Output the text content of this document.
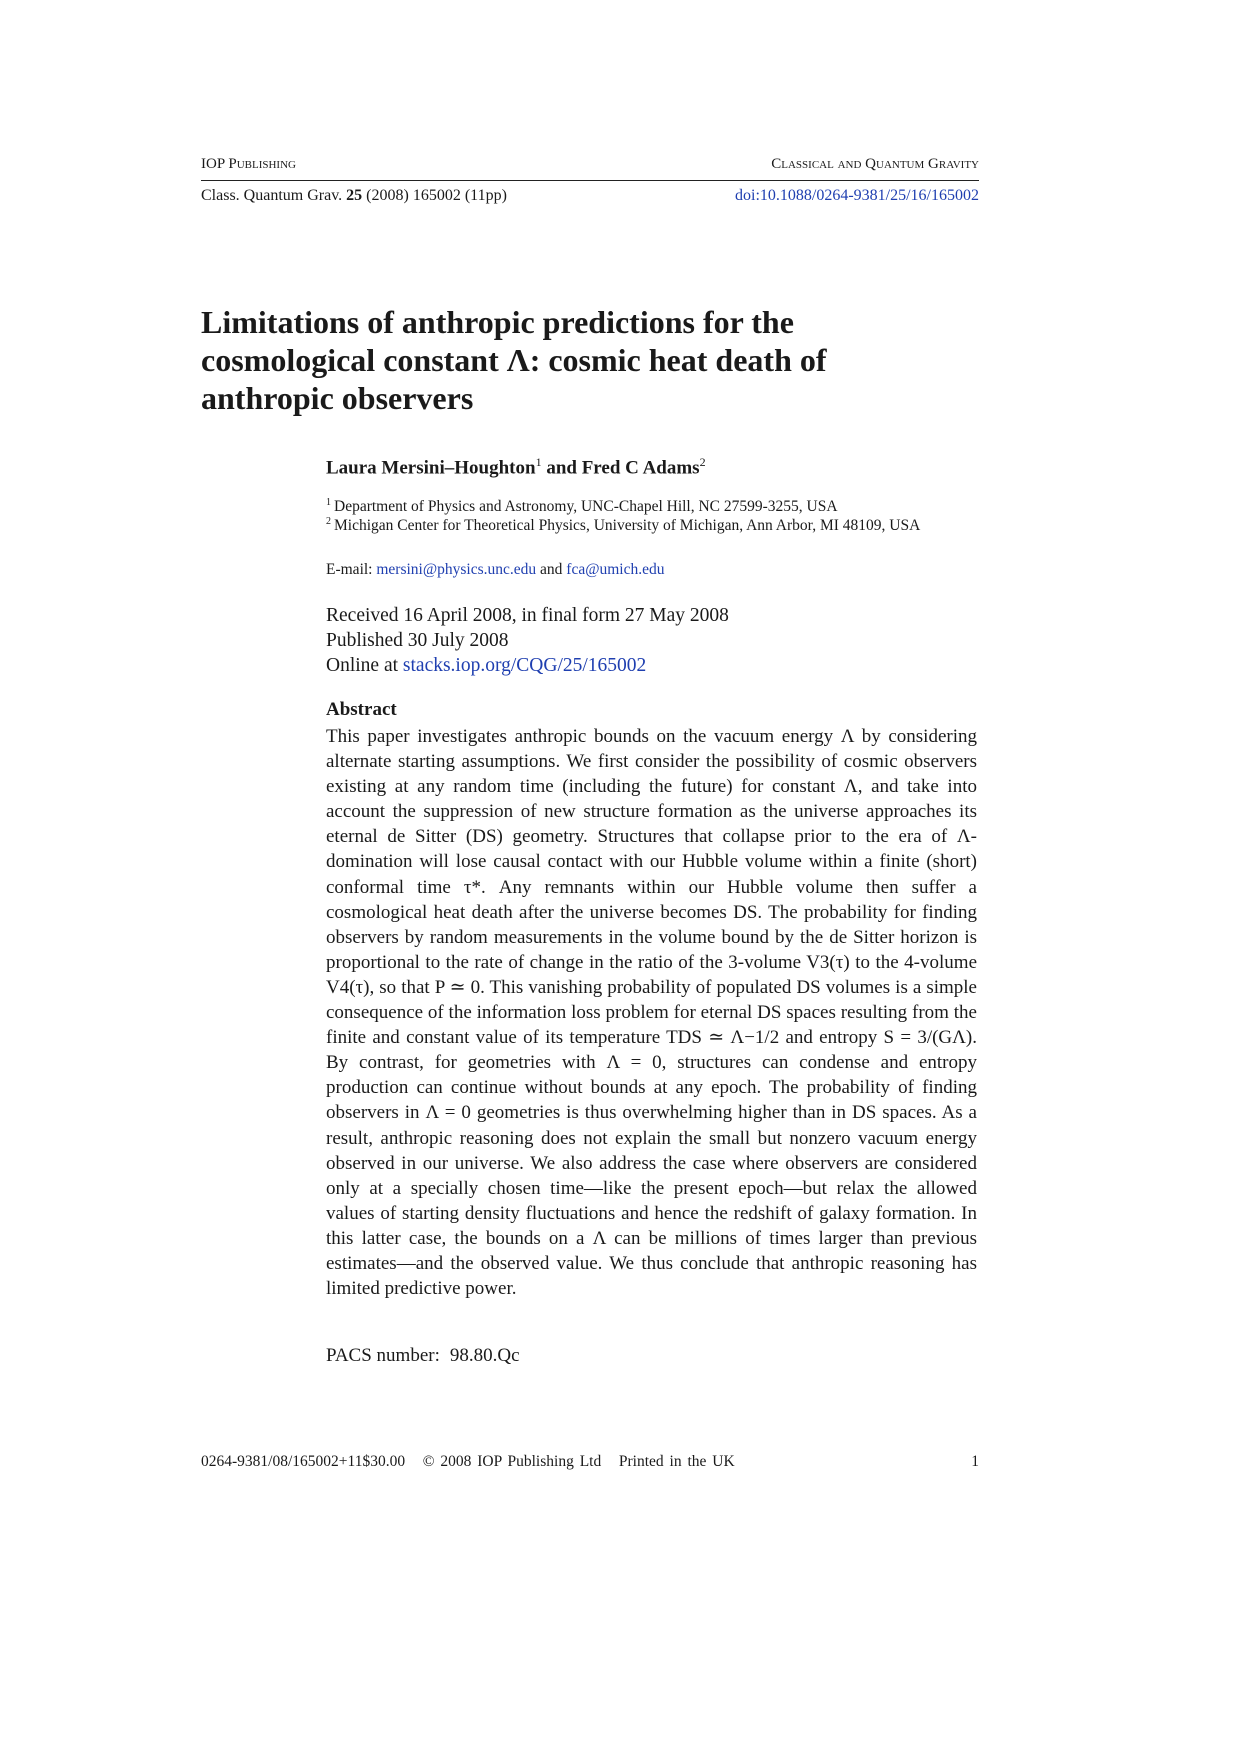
IOP Publishing	Classical and Quantum Gravity
Class. Quantum Grav. 25 (2008) 165002 (11pp)	doi:10.1088/0264-9381/25/16/165002
Limitations of anthropic predictions for the cosmological constant Λ: cosmic heat death of anthropic observers
Laura Mersini–Houghton$^1$ and Fred C Adams$^2$
$^1$ Department of Physics and Astronomy, UNC-Chapel Hill, NC 27599-3255, USA
$^2$ Michigan Center for Theoretical Physics, University of Michigan, Ann Arbor, MI 48109, USA
E-mail: mersini@physics.unc.edu and fca@umich.edu
Received 16 April 2008, in final form 27 May 2008
Published 30 July 2008
Online at stacks.iop.org/CQG/25/165002
Abstract

This paper investigates anthropic bounds on the vacuum energy Λ by considering alternate starting assumptions. We first consider the possibility of cosmic observers existing at any random time (including the future) for constant Λ, and take into account the suppression of new structure formation as the universe approaches its eternal de Sitter (DS) geometry. Structures that collapse prior to the era of Λ-domination will lose causal contact with our Hubble volume within a finite (short) conformal time τ*. Any remnants within our Hubble volume then suffer a cosmological heat death after the universe becomes DS. The probability for finding observers by random measurements in the volume bound by the de Sitter horizon is proportional to the rate of change in the ratio of the 3-volume V3(τ) to the 4-volume V4(τ), so that P ≃ 0. This vanishing probability of populated DS volumes is a simple consequence of the information loss problem for eternal DS spaces resulting from the finite and constant value of its temperature TDS ≃ Λ−1/2 and entropy S = 3/(GΛ). By contrast, for geometries with Λ = 0, structures can condense and entropy production can continue without bounds at any epoch. The probability of finding observers in Λ = 0 geometries is thus overwhelming higher than in DS spaces. As a result, anthropic reasoning does not explain the small but nonzero vacuum energy observed in our universe. We also address the case where observers are considered only at a specially chosen time—like the present epoch—but relax the allowed values of starting density fluctuations and hence the redshift of galaxy formation. In this latter case, the bounds on a Λ can be millions of times larger than previous estimates—and the observed value. We thus conclude that anthropic reasoning has limited predictive power.

PACS number: 98.80.Qc
0264-9381/08/165002+11$30.00 © 2008 IOP Publishing Ltd Printed in the UK	1
